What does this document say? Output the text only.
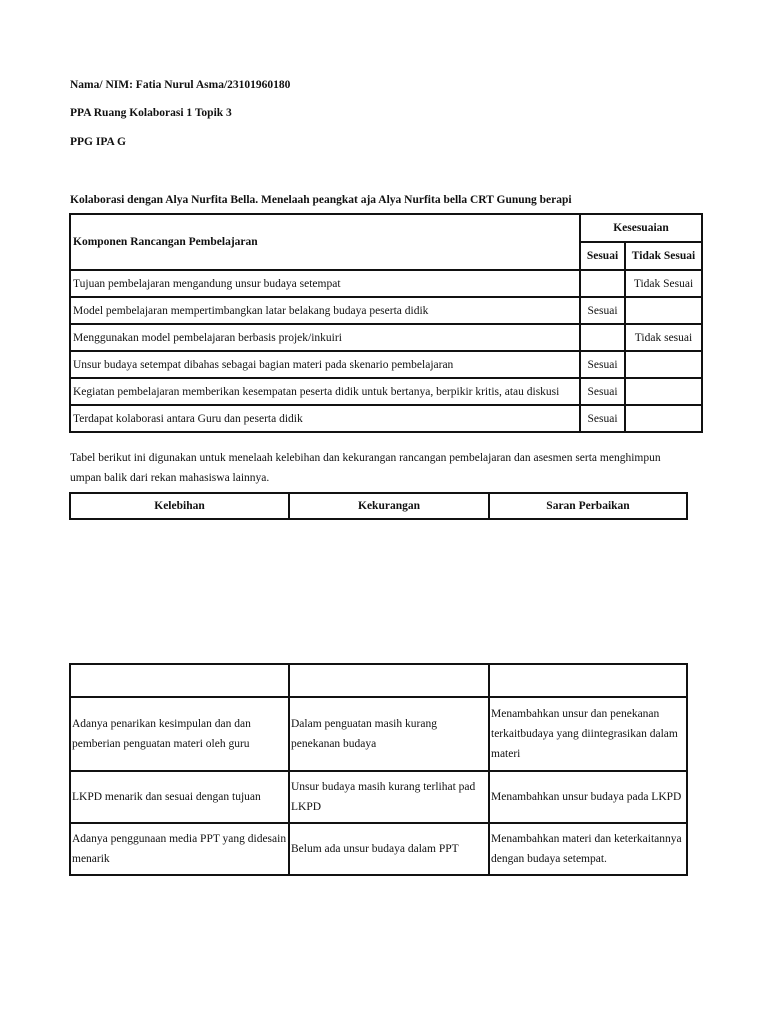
Nama/ NIM: Fatia Nurul Asma/23101960180
PPA Ruang Kolaborasi 1 Topik 3
PPG IPA G
Kolaborasi dengan Alya Nurfita Bella. Menelaah peangkat aja Alya Nurfita bella CRT Gunung berapi
Komponen Rancangan Pembelajaran	Kesesuaian	
	Sesuai	Tidak Sesuai
Tujuan pembelajaran mengandung unsur budaya setempat		Tidak Sesuai
Model pembelajaran mempertimbangkan latar belakang budaya peserta didik	Sesuai	
Menggunakan model pembelajaran berbasis projek/inkuiri		Tidak sesuai
Unsur budaya setempat dibahas sebagai bagian materi pada skenario pembelajaran	Sesuai	
Kegiatan pembelajaran memberikan kesempatan peserta didik untuk bertanya, berpikir kritis, atau diskusi	Sesuai	
Terdapat kolaborasi antara Guru dan peserta didik	Sesuai	
Tabel berikut ini digunakan untuk menelaah kelebihan dan kekurangan rancangan pembelajaran dan asesmen serta menghimpun umpan balik dari rekan mahasiswa lainnya.
Kelebihan	Kekurangan	Saran Perbaikan

Adanya penarikan kesimpulan dan dan pemberian penguatan materi oleh guru	Dalam penguatan masih kurang penekanan budaya	Menambahkan unsur dan penekanan terkaitbudaya yang diintegrasikan dalam materi
LKPD menarik dan sesuai dengan tujuan	Unsur budaya masih kurang terlihat pad LKPD	Menambahkan unsur budaya pada LKPD
Adanya penggunaan media PPT yang didesain menarik	Belum ada unsur budaya dalam PPT	Menambahkan materi dan keterkaitannya dengan budaya setempat.
